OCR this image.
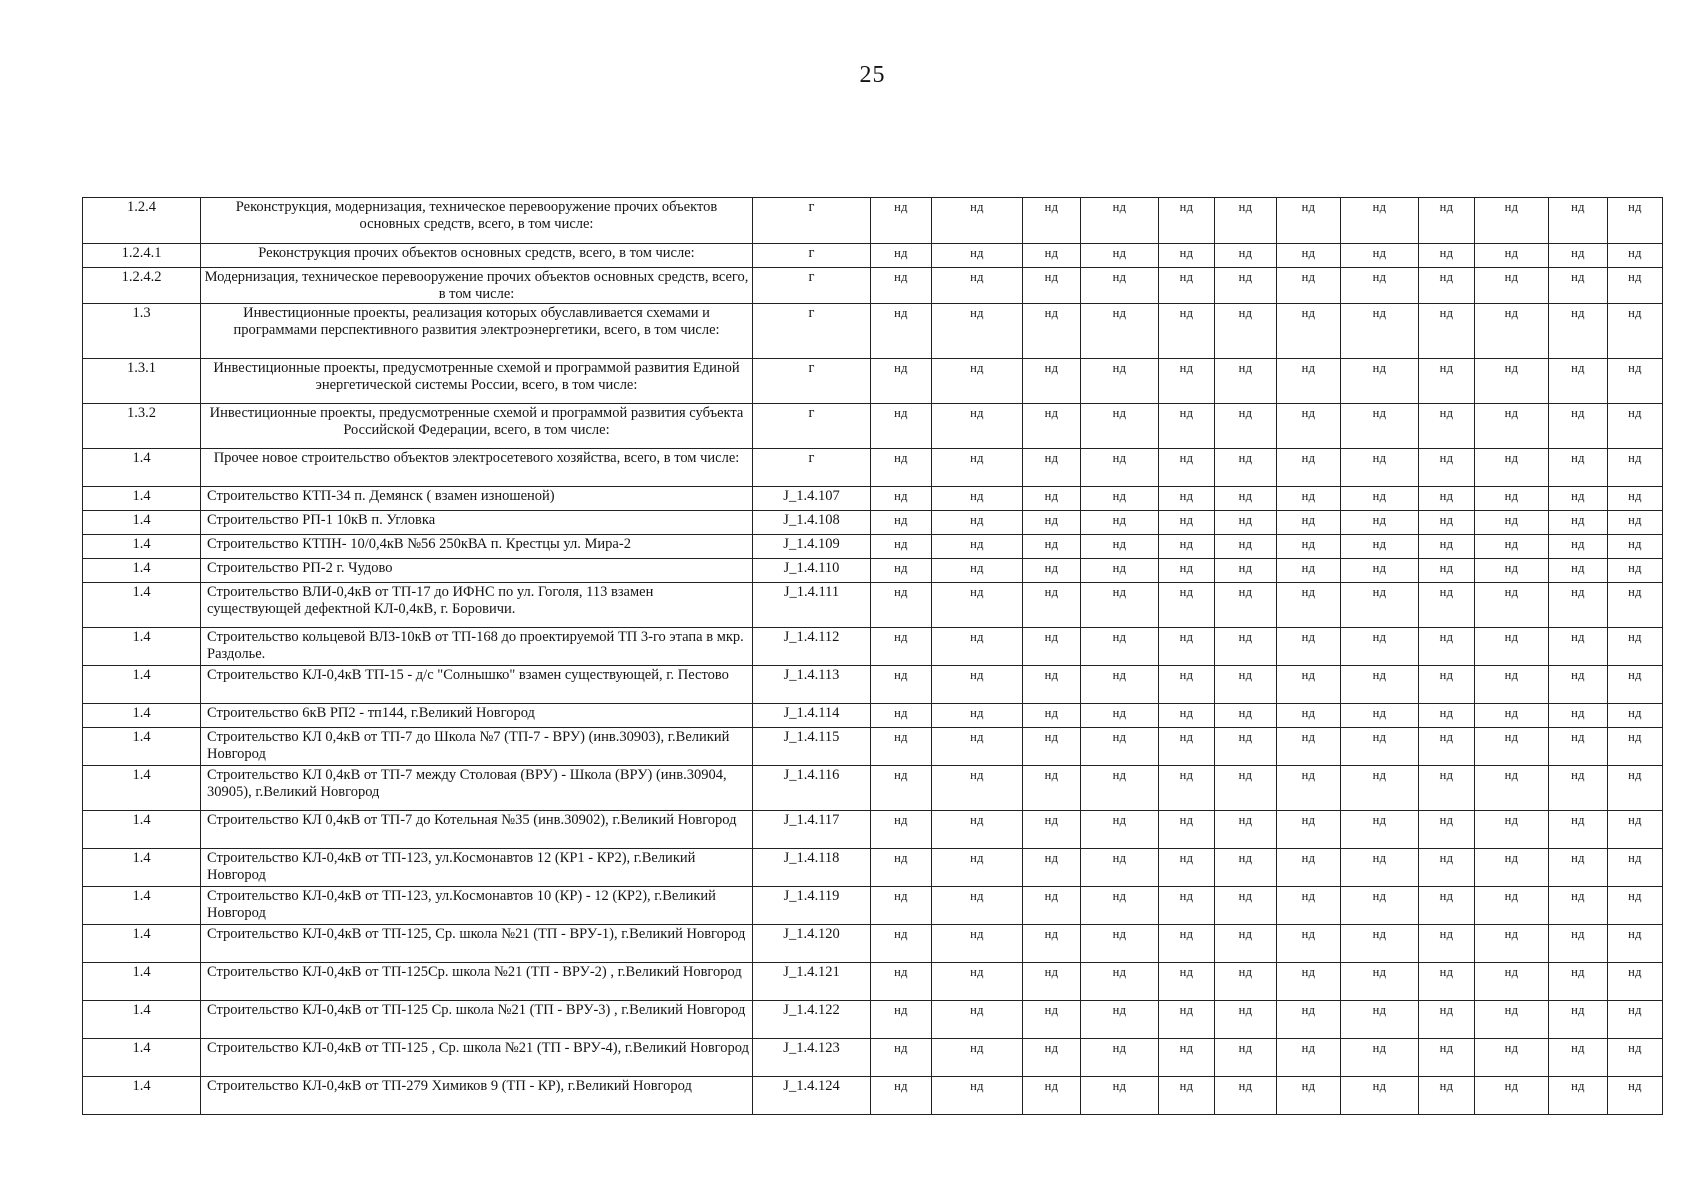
25
1.2.4	Реконструкция, модернизация, техническое перевооружение прочих объектов основных средств, всего, в том числе:	г	нд	нд	нд	нд	нд	нд	нд	нд	нд	нд	нд	нд
1.2.4.1	Реконструкция прочих объектов основных средств, всего, в том числе:	г	нд	нд	нд	нд	нд	нд	нд	нд	нд	нд	нд	нд
1.2.4.2	Модернизация, техническое перевооружение прочих объектов основных средств, всего, в том числе:	г	нд	нд	нд	нд	нд	нд	нд	нд	нд	нд	нд	нд
1.3	Инвестиционные проекты, реализация которых обуславливается схемами и программами перспективного развития электроэнергетики, всего, в том числе:	г	нд	нд	нд	нд	нд	нд	нд	нд	нд	нд	нд	нд
1.3.1	Инвестиционные проекты, предусмотренные схемой и программой развития Единой энергетической системы России, всего, в том числе:	г	нд	нд	нд	нд	нд	нд	нд	нд	нд	нд	нд	нд
1.3.2	Инвестиционные проекты, предусмотренные схемой и программой развития субъекта Российской Федерации, всего, в том числе:	г	нд	нд	нд	нд	нд	нд	нд	нд	нд	нд	нд	нд
1.4	Прочее новое строительство объектов электросетевого хозяйства, всего, в том числе:	г	нд	нд	нд	нд	нд	нд	нд	нд	нд	нд	нд	нд
1.4	Строительство КТП-34 п. Демянск ( взамен изношеной)	J_1.4.107	нд	нд	нд	нд	нд	нд	нд	нд	нд	нд	нд	нд
1.4	Строительство РП-1 10кВ п. Угловка	J_1.4.108	нд	нд	нд	нд	нд	нд	нд	нд	нд	нд	нд	нд
1.4	Строительство КТПН- 10/0,4кВ №56 250кВА п. Крестцы ул. Мира-2	J_1.4.109	нд	нд	нд	нд	нд	нд	нд	нд	нд	нд	нд	нд
1.4	Строительство РП-2 г. Чудово	J_1.4.110	нд	нд	нд	нд	нд	нд	нд	нд	нд	нд	нд	нд
1.4	Строительство ВЛИ-0,4кВ от ТП-17 до ИФНС по ул. Гоголя, 113 взамен существующей дефектной КЛ-0,4кВ, г. Боровичи.	J_1.4.111	нд	нд	нд	нд	нд	нд	нд	нд	нд	нд	нд	нд
1.4	Строительство кольцевой ВЛЗ-10кВ от ТП-168 до проектируемой ТП 3-го этапа в мкр. Раздолье.	J_1.4.112	нд	нд	нд	нд	нд	нд	нд	нд	нд	нд	нд	нд
1.4	Строительство КЛ-0,4кВ ТП-15 - д/с "Солнышко" взамен существующей, г. Пестово	J_1.4.113	нд	нд	нд	нд	нд	нд	нд	нд	нд	нд	нд	нд
1.4	Строительство 6кВ РП2 - тп144, г.Великий Новгород	J_1.4.114	нд	нд	нд	нд	нд	нд	нд	нд	нд	нд	нд	нд
1.4	Строительство КЛ 0,4кВ от ТП-7 до Школа №7 (ТП-7 - ВРУ) (инв.30903), г.Великий Новгород	J_1.4.115	нд	нд	нд	нд	нд	нд	нд	нд	нд	нд	нд	нд
1.4	Строительство КЛ 0,4кВ от ТП-7 между Столовая (ВРУ) - Школа (ВРУ) (инв.30904, 30905), г.Великий Новгород	J_1.4.116	нд	нд	нд	нд	нд	нд	нд	нд	нд	нд	нд	нд
1.4	Строительство КЛ 0,4кВ от ТП-7 до Котельная №35 (инв.30902), г.Великий Новгород	J_1.4.117	нд	нд	нд	нд	нд	нд	нд	нд	нд	нд	нд	нд
1.4	Строительство КЛ-0,4кВ от ТП-123, ул.Космонавтов 12 (КР1 - КР2), г.Великий Новгород	J_1.4.118	нд	нд	нд	нд	нд	нд	нд	нд	нд	нд	нд	нд
1.4	Строительство КЛ-0,4кВ от ТП-123, ул.Космонавтов 10 (КР) - 12 (КР2), г.Великий Новгород	J_1.4.119	нд	нд	нд	нд	нд	нд	нд	нд	нд	нд	нд	нд
1.4	Строительство КЛ-0,4кВ от ТП-125, Ср. школа №21 (ТП - ВРУ-1), г.Великий Новгород	J_1.4.120	нд	нд	нд	нд	нд	нд	нд	нд	нд	нд	нд	нд
1.4	Строительство КЛ-0,4кВ от ТП-125Ср. школа №21 (ТП - ВРУ-2) , г.Великий Новгород	J_1.4.121	нд	нд	нд	нд	нд	нд	нд	нд	нд	нд	нд	нд
1.4	Строительство КЛ-0,4кВ от ТП-125 Ср. школа №21 (ТП - ВРУ-3) , г.Великий Новгород	J_1.4.122	нд	нд	нд	нд	нд	нд	нд	нд	нд	нд	нд	нд
1.4	Строительство КЛ-0,4кВ от ТП-125 , Ср. школа №21 (ТП - ВРУ-4), г.Великий Новгород	J_1.4.123	нд	нд	нд	нд	нд	нд	нд	нд	нд	нд	нд	нд
1.4	Строительство КЛ-0,4кВ от ТП-279 Химиков 9 (ТП - КР), г.Великий Новгород	J_1.4.124	нд	нд	нд	нд	нд	нд	нд	нд	нд	нд	нд	нд
